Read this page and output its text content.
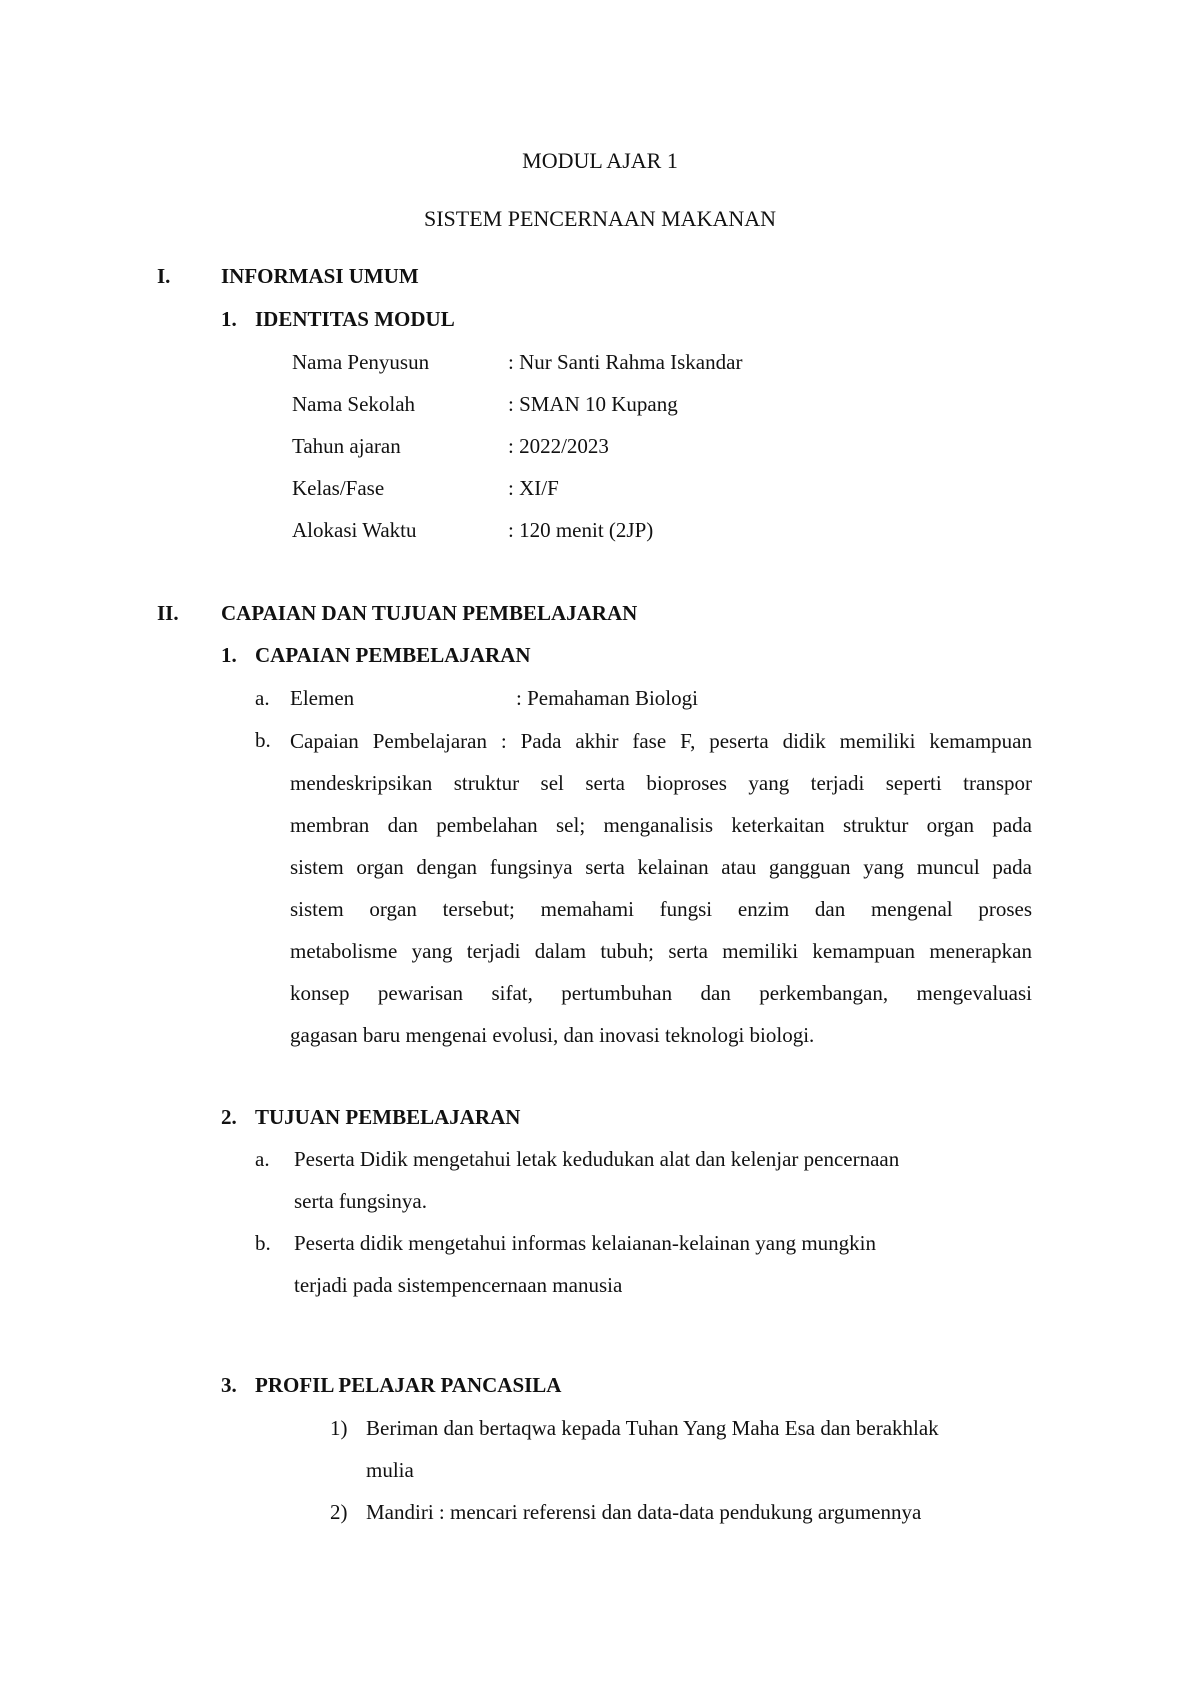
MODUL AJAR 1
SISTEM PENCERNAAN MAKANAN
I. INFORMASI UMUM
1. IDENTITAS MODUL
Nama Penyusun	: Nur Santi Rahma Iskandar
Nama Sekolah	: SMAN 10 Kupang
Tahun ajaran	: 2022/2023
Kelas/Fase	: XI/F
Alokasi Waktu	: 120 menit (2JP)
II. CAPAIAN DAN TUJUAN PEMBELAJARAN
1. CAPAIAN PEMBELAJARAN
a. Elemen	: Pemahaman Biologi
b. Capaian Pembelajaran : Pada akhir fase F, peserta didik memiliki kemampuan
mendeskripsikan struktur sel serta bioproses yang terjadi seperti transpor
membran dan pembelahan sel; menganalisis keterkaitan struktur organ pada
sistem organ dengan fungsinya serta kelainan atau gangguan yang muncul pada
sistem organ tersebut; memahami fungsi enzim dan mengenal proses
metabolisme yang terjadi dalam tubuh; serta memiliki kemampuan menerapkan
konsep pewarisan sifat, pertumbuhan dan perkembangan, mengevaluasi
gagasan baru mengenai evolusi, dan inovasi teknologi biologi.
2. TUJUAN PEMBELAJARAN
a. Peserta Didik mengetahui letak kedudukan alat dan kelenjar pencernaan
serta fungsinya.
b. Peserta didik mengetahui informas kelaianan-kelainan yang mungkin
terjadi pada sistempencernaan manusia
3. PROFIL PELAJAR PANCASILA
1) Beriman dan bertaqwa kepada Tuhan Yang Maha Esa dan berakhlak
mulia
2) Mandiri : mencari referensi dan data-data pendukung argumennya
